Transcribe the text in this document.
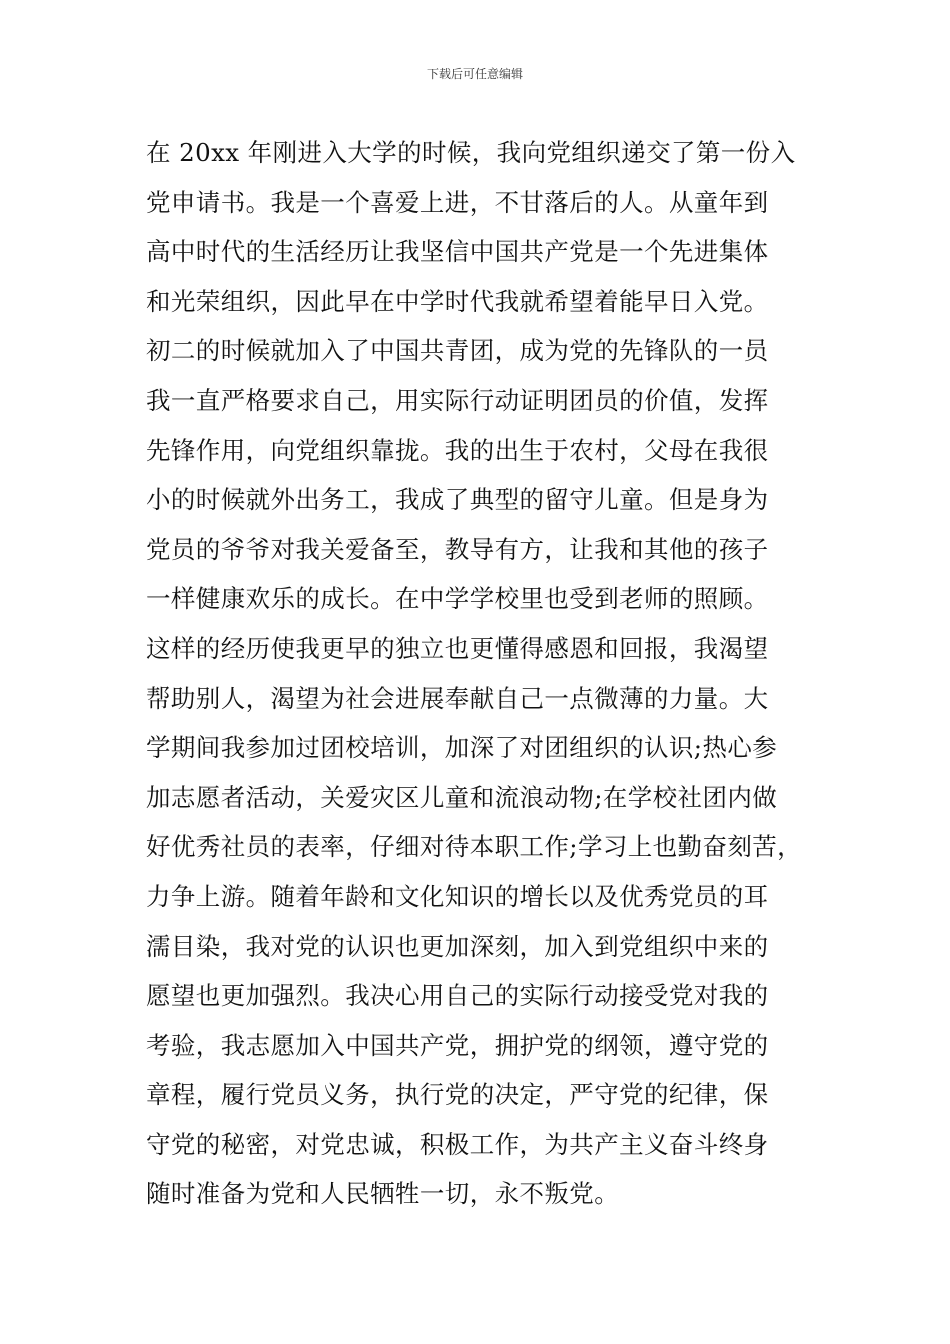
下载后可任意编辑
在 20xx 年刚进入大学的时候，我向党组织递交了第一份入
党申请书。我是一个喜爱上进，不甘落后的人。从童年到
高中时代的生活经历让我坚信中国共产党是一个先进集体
和光荣组织，因此早在中学时代我就希望着能早日入党。
初二的时候就加入了中国共青团，成为党的先锋队的一员
我一直严格要求自己，用实际行动证明团员的价值，发挥
先锋作用，向党组织靠拢。我的出生于农村，父母在我很
小的时候就外出务工，我成了典型的留守儿童。但是身为
党员的爷爷对我关爱备至，教导有方，让我和其他的孩子
一样健康欢乐的成长。在中学学校里也受到老师的照顾。
这样的经历使我更早的独立也更懂得感恩和回报，我渴望
帮助别人，渴望为社会进展奉献自己一点微薄的力量。大
学期间我参加过团校培训，加深了对团组织的认识;热心参
加志愿者活动，关爱灾区儿童和流浪动物;在学校社团内做
好优秀社员的表率，仔细对待本职工作;学习上也勤奋刻苦，
力争上游。随着年龄和文化知识的增长以及优秀党员的耳
濡目染，我对党的认识也更加深刻，加入到党组织中来的
愿望也更加强烈。我决心用自己的实际行动接受党对我的
考验，我志愿加入中国共产党，拥护党的纲领，遵守党的
章程，履行党员义务，执行党的决定，严守党的纪律，保
守党的秘密，对党忠诚，积极工作，为共产主义奋斗终身
随时准备为党和人民牺牲一切，永不叛党。
